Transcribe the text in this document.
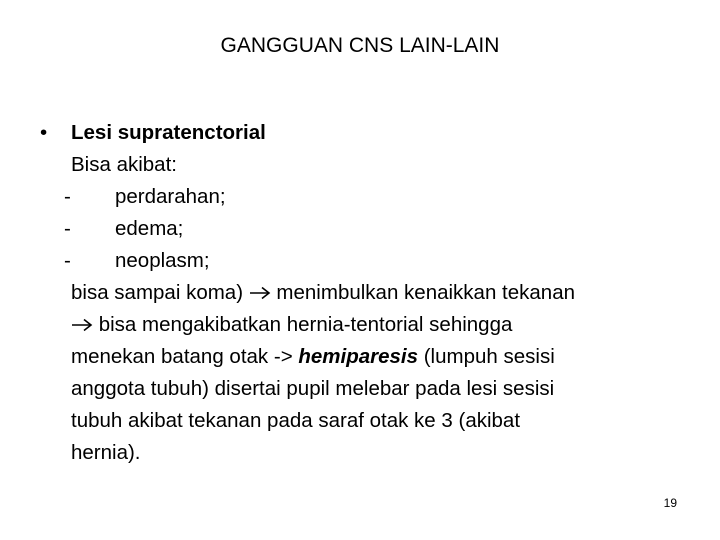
GANGGUAN CNS LAIN-LAIN
• Lesi supratenctorial
Bisa akibat:
- perdarahan;
- edema;
- neoplasm;
bisa sampai koma)  menimbulkan kenaikkan tekanan
bisa mengakibatkan hernia-tentorial sehingga
menekan batang otak -> hemiparesis (lumpuh sesisi
anggota tubuh) disertai pupil melebar pada lesi sesisi
tubuh akibat tekanan pada saraf otak ke 3 (akibat
hernia).
19
